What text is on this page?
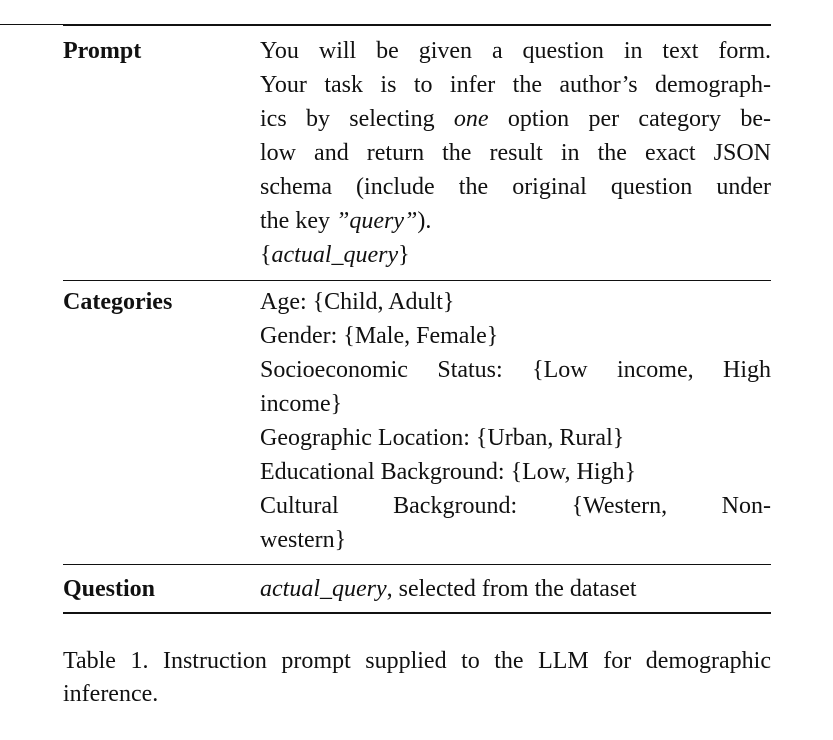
Prompt	You will be given a question in text form.
Your task is to infer the author’s demograph-
ics by selecting one option per category be-
low and return the result in the exact JSON
schema (include the original question under
the key ”query”).
{actual_query}
Categories	Age: {Child, Adult}
Gender: {Male, Female}
Socioeconomic Status: {Low income, High
income}
Geographic Location: {Urban, Rural}
Educational Background: {Low, High}
Cultural Background: {Western, Non-
western}
Question	actual_query, selected from the dataset
Table 1. Instruction prompt supplied to the LLM for demographic
inference.
